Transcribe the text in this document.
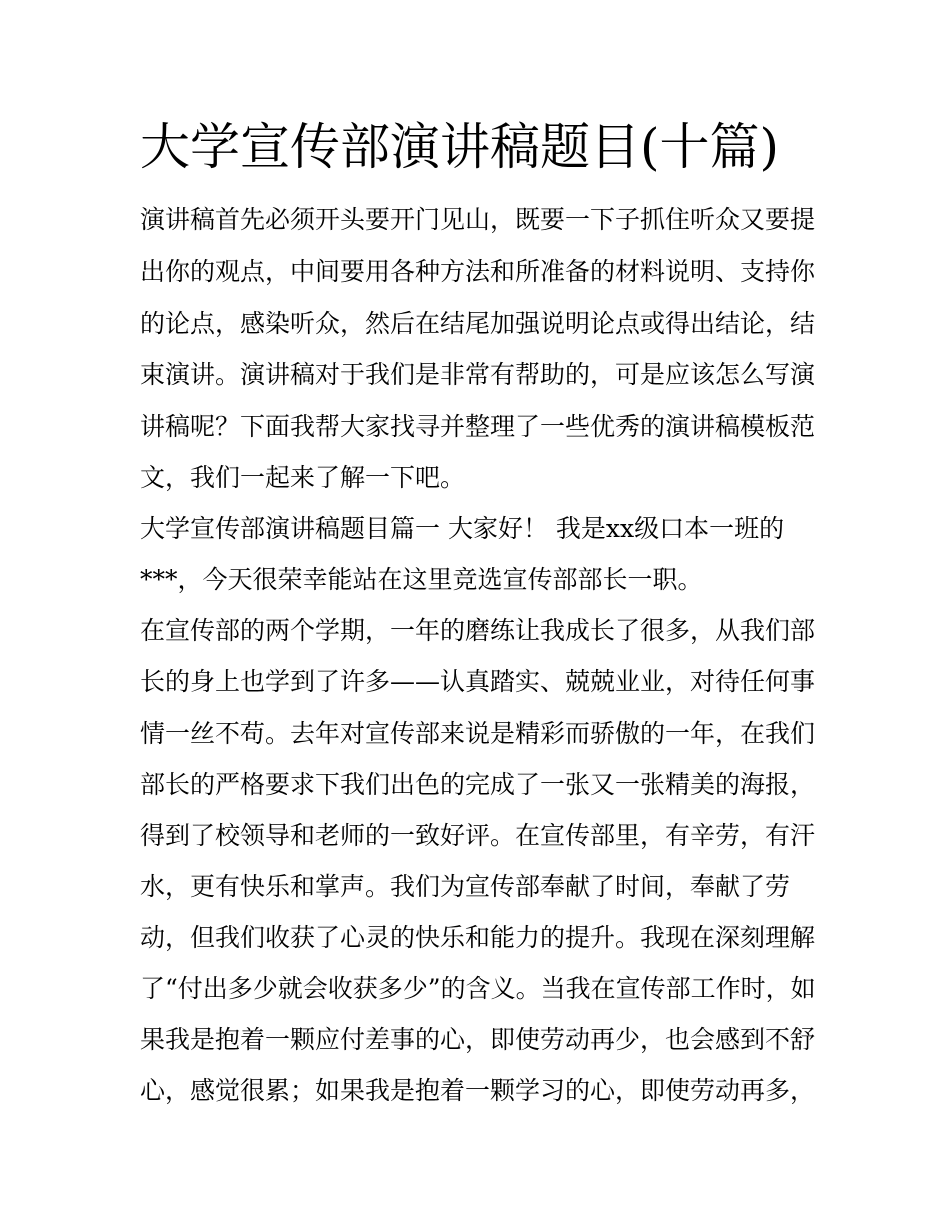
大学宣传部演讲稿题目(十篇)

演讲稿首先必须开头要开门见山，既要一下子抓住听众又要提

出你的观点，中间要用各种方法和所准备的材料说明、支持你

的论点，感染听众，然后在结尾加强说明论点或得出结论，结

束演讲。演讲稿对于我们是非常有帮助的，可是应该怎么写演

讲稿呢？下面我帮大家找寻并整理了一些优秀的演讲稿模板范

文，我们一起来了解一下吧。

大学宣传部演讲稿题目篇一 大家好！ 我是xx级口本一班的

***，今天很荣幸能站在这里竞选宣传部部长一职。

在宣传部的两个学期，一年的磨练让我成长了很多，从我们部

长的身上也学到了许多——认真踏实、兢兢业业，对待任何事

情一丝不苟。去年对宣传部来说是精彩而骄傲的一年，在我们

部长的严格要求下我们出色的完成了一张又一张精美的海报，

得到了校领导和老师的一致好评。在宣传部里，有辛劳，有汗

水，更有快乐和掌声。我们为宣传部奉献了时间，奉献了劳

动，但我们收获了心灵的快乐和能力的提升。我现在深刻理解

了“付出多少就会收获多少”的含义。当我在宣传部工作时，如

果我是抱着一颗应付差事的心，即使劳动再少，也会感到不舒

心，感觉很累；如果我是抱着一颗学习的心，即使劳动再多，
